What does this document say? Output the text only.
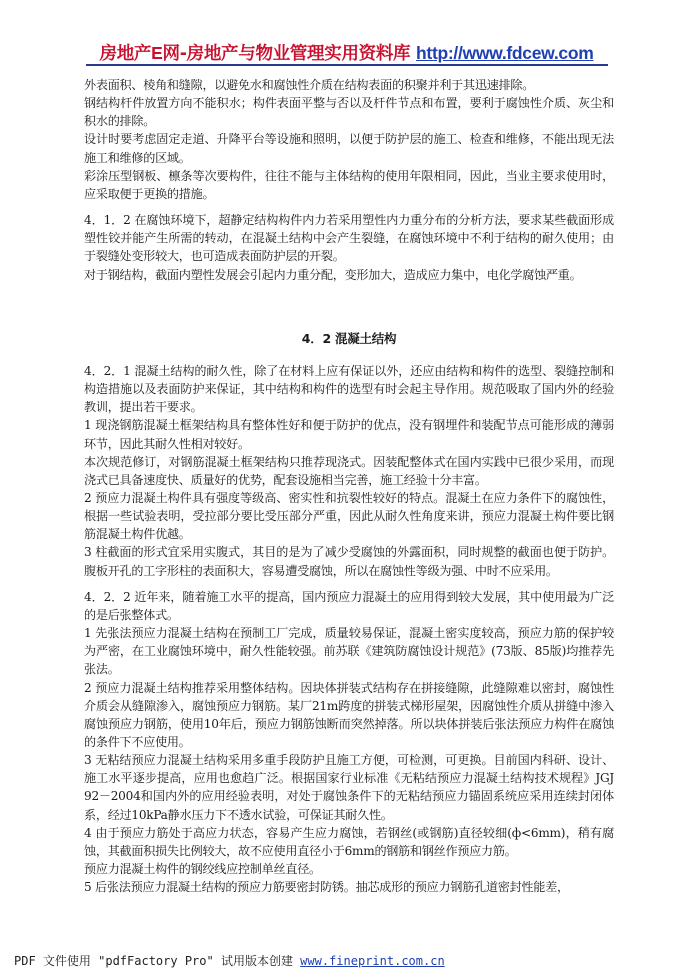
房地产E网-房地产与物业管理实用资料库 http://www.fdcew.com

外表面积、棱角和缝隙，以避免水和腐蚀性介质在结构表面的积聚并利于其迅速排除。

钢结构杆件放置方向不能积水；构件表面平整与否以及杆件节点和布置，要利于腐蚀性介质、灰尘和积水的排除。

设计时要考虑固定走道、升降平台等设施和照明，以便于防护层的施工、检查和维修，不能出现无法施工和维修的区域。

彩涂压型钢板、檩条等次要构件，往往不能与主体结构的使用年限相同，因此，当业主要求使用时，应采取便于更换的措施。

4．1．2 在腐蚀环境下，超静定结构构件内力若采用塑性内力重分布的分析方法，要求某些截面形成塑性铰并能产生所需的转动，在混凝土结构中会产生裂缝，在腐蚀环境中不利于结构的耐久使用；由于裂缝处变形较大，也可造成表面防护层的开裂。

对于钢结构，截面内塑性发展会引起内力重分配，变形加大，造成应力集中，电化学腐蚀严重。

4．2 混凝土结构

4．2．1 混凝土结构的耐久性，除了在材料上应有保证以外，还应由结构和构件的选型、裂缝控制和构造措施以及表面防护来保证，其中结构和构件的选型有时会起主导作用。规范吸取了国内外的经验教训，提出若干要求。

1 现浇钢筋混凝土框架结构具有整体性好和便于防护的优点，没有钢埋件和装配节点可能形成的薄弱环节，因此其耐久性相对较好。

本次规范修订，对钢筋混凝土框架结构只推荐现浇式。因装配整体式在国内实践中已很少采用，而现浇式已具备速度快、质量好的优势，配套设施相当完善，施工经验十分丰富。

2 预应力混凝土构件具有强度等级高、密实性和抗裂性较好的特点。混凝土在应力条件下的腐蚀性，根据一些试验表明，受拉部分要比受压部分严重，因此从耐久性角度来讲，预应力混凝土构件要比钢筋混凝土构件优越。

3 柱截面的形式宜采用实腹式，其目的是为了减少受腐蚀的外露面积，同时规整的截面也便于防护。腹板开孔的工字形柱的表面积大，容易遭受腐蚀，所以在腐蚀性等级为强、中时不应采用。

4．2．2 近年来，随着施工水平的提高，国内预应力混凝土的应用得到较大发展，其中使用最为广泛的是后张整体式。

1 先张法预应力混凝土结构在预制工厂完成，质量较易保证，混凝土密实度较高，预应力筋的保护较为严密，在工业腐蚀环境中，耐久性能较强。前苏联《建筑防腐蚀设计规范》(73版、85版)均推荐先张法。

2 预应力混凝土结构推荐采用整体结构。因块体拼装式结构存在拼接缝隙，此缝隙难以密封，腐蚀性介质会从缝隙渗入，腐蚀预应力钢筋。某厂21m跨度的拼装式梯形屋架，因腐蚀性介质从拼缝中渗入腐蚀预应力钢筋，使用10年后，预应力钢筋蚀断而突然掉落。所以块体拼装后张法预应力构件在腐蚀的条件下不应使用。

3 无粘结预应力混凝土结构采用多重手段防护且施工方便，可检测，可更换。目前国内科研、设计、施工水平逐步提高，应用也愈趋广泛。根据国家行业标准《无粘结预应力混凝土结构技术规程》JGJ 92－2004和国内外的应用经验表明，对处于腐蚀条件下的无粘结预应力锚固系统应采用连续封闭体系，经过10kPa静水压力下不透水试验，可保证其耐久性。

4 由于预应力筋处于高应力状态，容易产生应力腐蚀，若钢丝(或钢筋)直径较细(ф<6mm)，稍有腐蚀，其截面积损失比例较大，故不应使用直径小于6mm的钢筋和钢丝作预应力筋。

预应力混凝土构件的钢绞线应控制单丝直径。

5 后张法预应力混凝土结构的预应力筋要密封防锈。抽芯成形的预应力钢筋孔道密封性能差，

PDF 文件使用 "pdfFactory Pro" 试用版本创建 www.fineprint.com.cn
